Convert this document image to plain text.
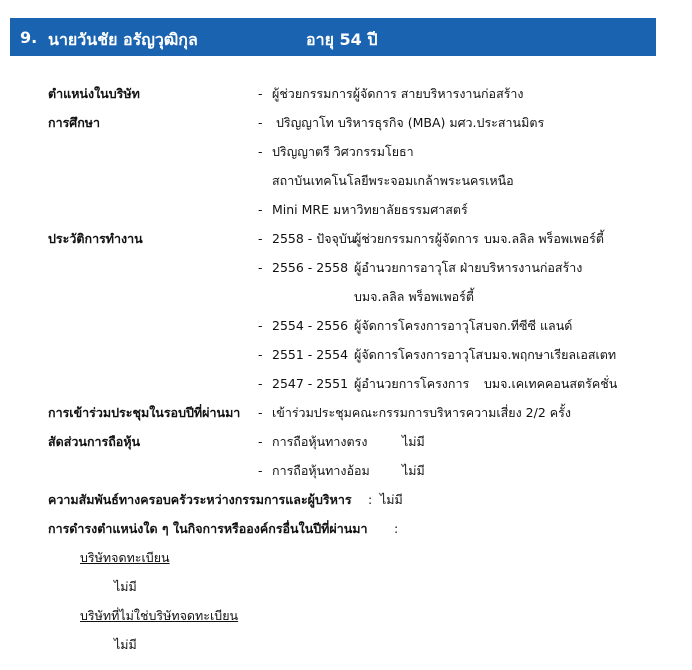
9. นายวันชัย อรัญวุฒิกุล	อายุ 54 ปี
ตำแหน่งในบริษัท	- ผู้ช่วยกรรมการผู้จัดการ สายบริหารงานก่อสร้าง
การศึกษา	- ปริญญาโท บริหารธุรกิจ (MBA) มศว.ประสานมิตร
- ปริญญาตรี วิศวกรรมโยธา
สถาบันเทคโนโลยีพระจอมเกล้าพระนครเหนือ
- Mini MRE มหาวิทยาลัยธรรมศาสตร์
ประวัติการทำงาน	- 2558 - ปัจจุบัน
ผู้ช่วยกรรมการผู้จัดการ บมจ.ลลิล พร็อพเพอร์ตี้
- 2556 - 2558 ผู้อำนวยการอาวุโส ฝ่ายบริหารงานก่อสร้าง
บมจ.ลลิล พร็อพเพอร์ตี้
- 2554 - 2556 ผู้จัดการโครงการอาวุโส บจก.ทีซีซี แลนด์
- 2551 - 2554 ผู้จัดการโครงการอาวุโส บมจ.พฤกษาเรียลเอสเตท
- 2547 - 2551 ผู้อำนวยการโครงการ บมจ.เคเทคคอนสตรัคชั่น
การเข้าร่วมประชุมในรอบปีที่ผ่านมา - เข้าร่วมประชุมคณะกรรมการบริหารความเสี่ยง 2/2 ครั้ง
สัดส่วนการถือหุ้น	- การถือหุ้นทางตรง	ไม่มี
- การถือหุ้นทางอ้อม	ไม่มี
ความสัมพันธ์ทางครอบครัวระหว่างกรรมการและผู้บริหาร : ไม่มี
การดำรงตำแหน่งใด ๆ ในกิจการหรือองค์กรอื่นในปีที่ผ่านมา :
บริษัทจดทะเบียน
ไม่มี
บริษัทที่ไม่ใช่บริษัทจดทะเบียน
ไม่มี
